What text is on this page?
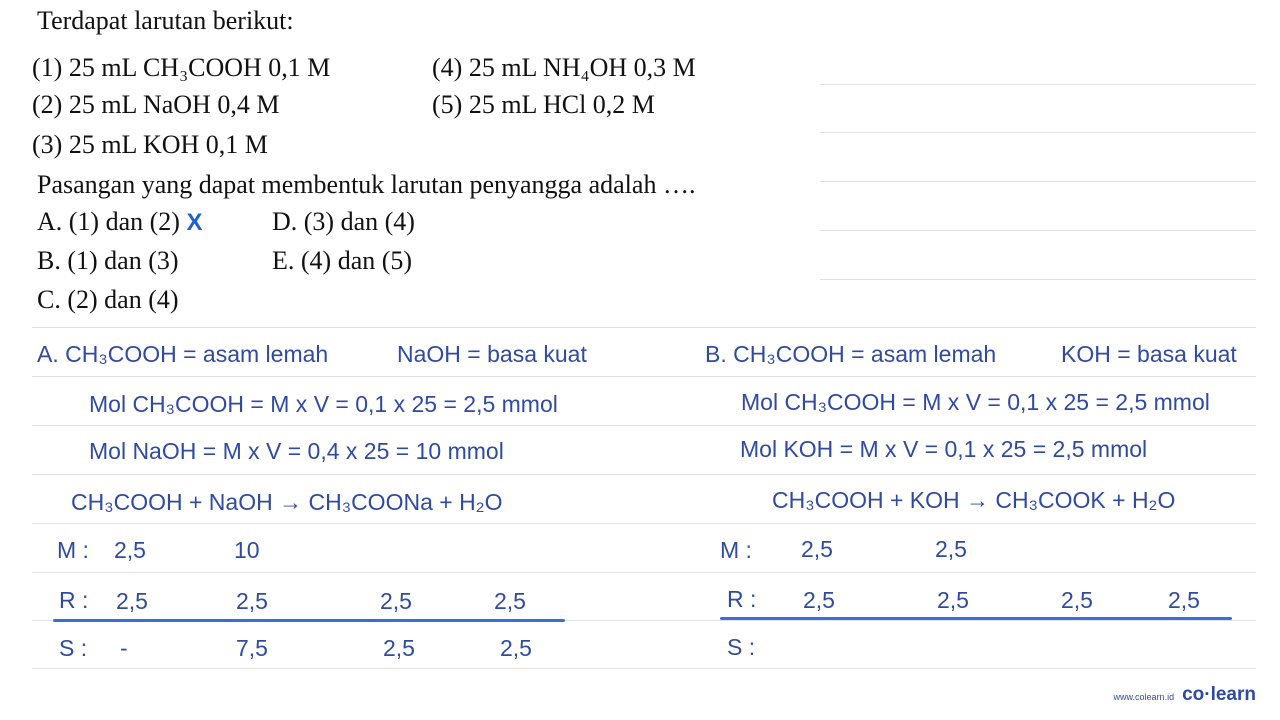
Terdapat larutan berikut:
(1) 25 mL CH₃COOH 0,1 M	(4) 25 mL NH₄OH 0,3 M
(2) 25 mL NaOH 0,4 M	(5) 25 mL HCl 0,2 M
(3) 25 mL KOH 0,1 M
Pasangan yang dapat membentuk larutan penyangga adalah ….
A. (1) dan (2) X	D. (3) dan (4)
B. (1) dan (3)	E. (4) dan (5)
C. (2) dan (4)
A. CH₃COOH = asam lemah	NaOH = basa kuat
Mol CH₃COOH = M x V = 0,1 x 25 = 2,5 mmol
Mol NaOH = M x V = 0,4 x 25 = 10 mmol
CH₃COOH + NaOH → CH₃COONa + H₂O
M : 2,5	10
R : 2,5	2,5	2,5	2,5
S : -	7,5	2,5	2,5
B. CH₃COOH = asam lemah	KOH = basa kuat
Mol CH₃COOH = M x V = 0,1 x 25 = 2,5 mmol
Mol KOH = M x V = 0,1 x 25 = 2,5 mmol
CH₃COOH + KOH → CH₃COOK + H₂O
M : 2,5	2,5
R : 2,5	2,5	2,5	2,5
S :
www.colearn.id co·learn
